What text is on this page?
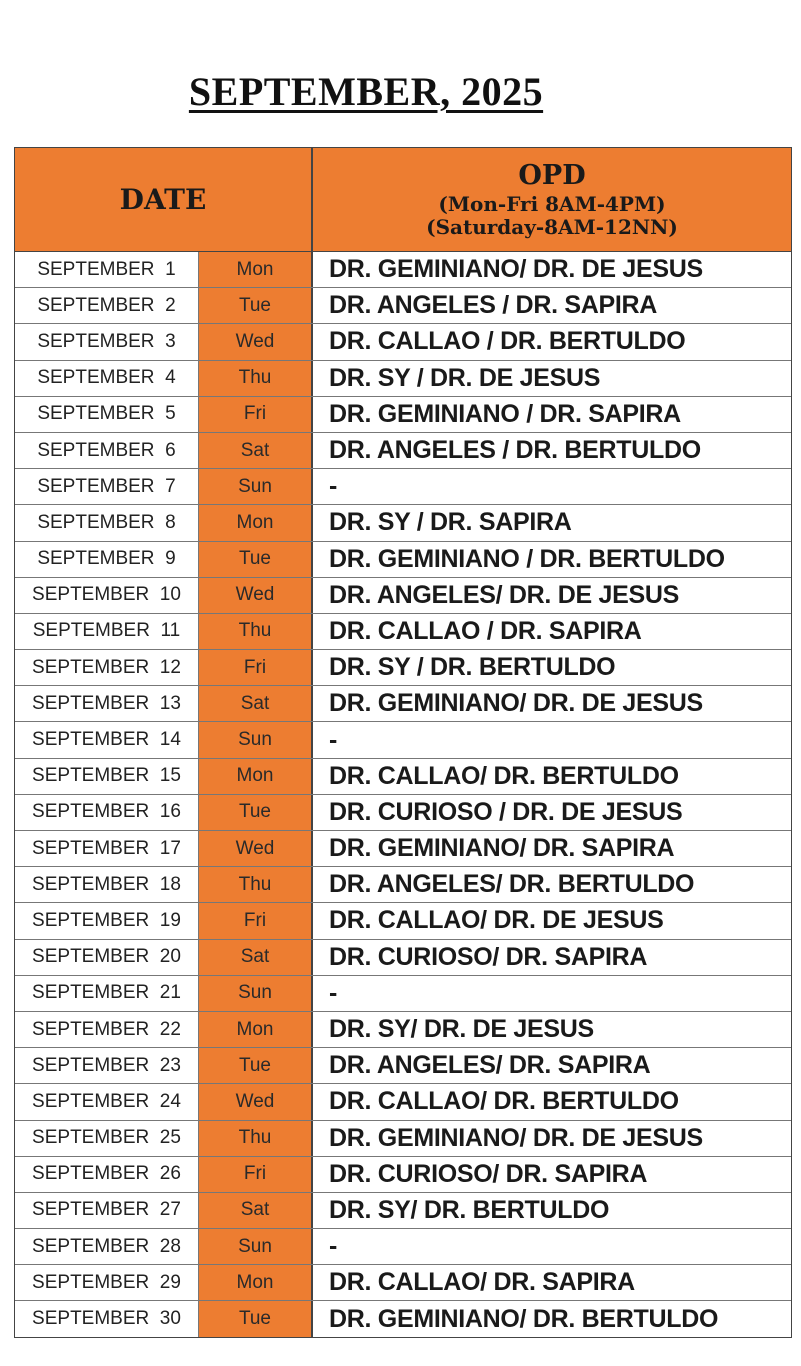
SEPTEMBER, 2025
DATE
OPD
(Mon-Fri 8AM-4PM)
(Saturday-8AM-12NN)
SEPTEMBER  1	Mon	DR. GEMINIANO/ DR. DE JESUS
SEPTEMBER  2	Tue	DR. ANGELES / DR. SAPIRA
SEPTEMBER  3	Wed	DR. CALLAO / DR. BERTULDO
SEPTEMBER  4	Thu	DR. SY / DR. DE JESUS
SEPTEMBER  5	Fri	DR. GEMINIANO / DR. SAPIRA
SEPTEMBER  6	Sat	DR. ANGELES / DR. BERTULDO
SEPTEMBER  7	Sun	-
SEPTEMBER  8	Mon	DR. SY / DR. SAPIRA
SEPTEMBER  9	Tue	DR. GEMINIANO / DR. BERTULDO
SEPTEMBER  10	Wed	DR. ANGELES/ DR. DE JESUS
SEPTEMBER  11	Thu	DR. CALLAO / DR. SAPIRA
SEPTEMBER  12	Fri	DR. SY / DR. BERTULDO
SEPTEMBER  13	Sat	DR. GEMINIANO/ DR. DE JESUS
SEPTEMBER  14	Sun	-
SEPTEMBER  15	Mon	DR. CALLAO/ DR. BERTULDO
SEPTEMBER  16	Tue	DR. CURIOSO / DR. DE JESUS
SEPTEMBER  17	Wed	DR. GEMINIANO/ DR. SAPIRA
SEPTEMBER  18	Thu	DR. ANGELES/ DR. BERTULDO
SEPTEMBER  19	Fri	DR. CALLAO/ DR. DE JESUS
SEPTEMBER  20	Sat	DR. CURIOSO/ DR. SAPIRA
SEPTEMBER  21	Sun	-
SEPTEMBER  22	Mon	DR. SY/ DR. DE JESUS
SEPTEMBER  23	Tue	DR. ANGELES/ DR. SAPIRA
SEPTEMBER  24	Wed	DR. CALLAO/ DR. BERTULDO
SEPTEMBER  25	Thu	DR. GEMINIANO/ DR. DE JESUS
SEPTEMBER  26	Fri	DR. CURIOSO/ DR. SAPIRA
SEPTEMBER  27	Sat	DR. SY/ DR. BERTULDO
SEPTEMBER  28	Sun	-
SEPTEMBER  29	Mon	DR. CALLAO/ DR. SAPIRA
SEPTEMBER  30	Tue	DR. GEMINIANO/ DR. BERTULDO
